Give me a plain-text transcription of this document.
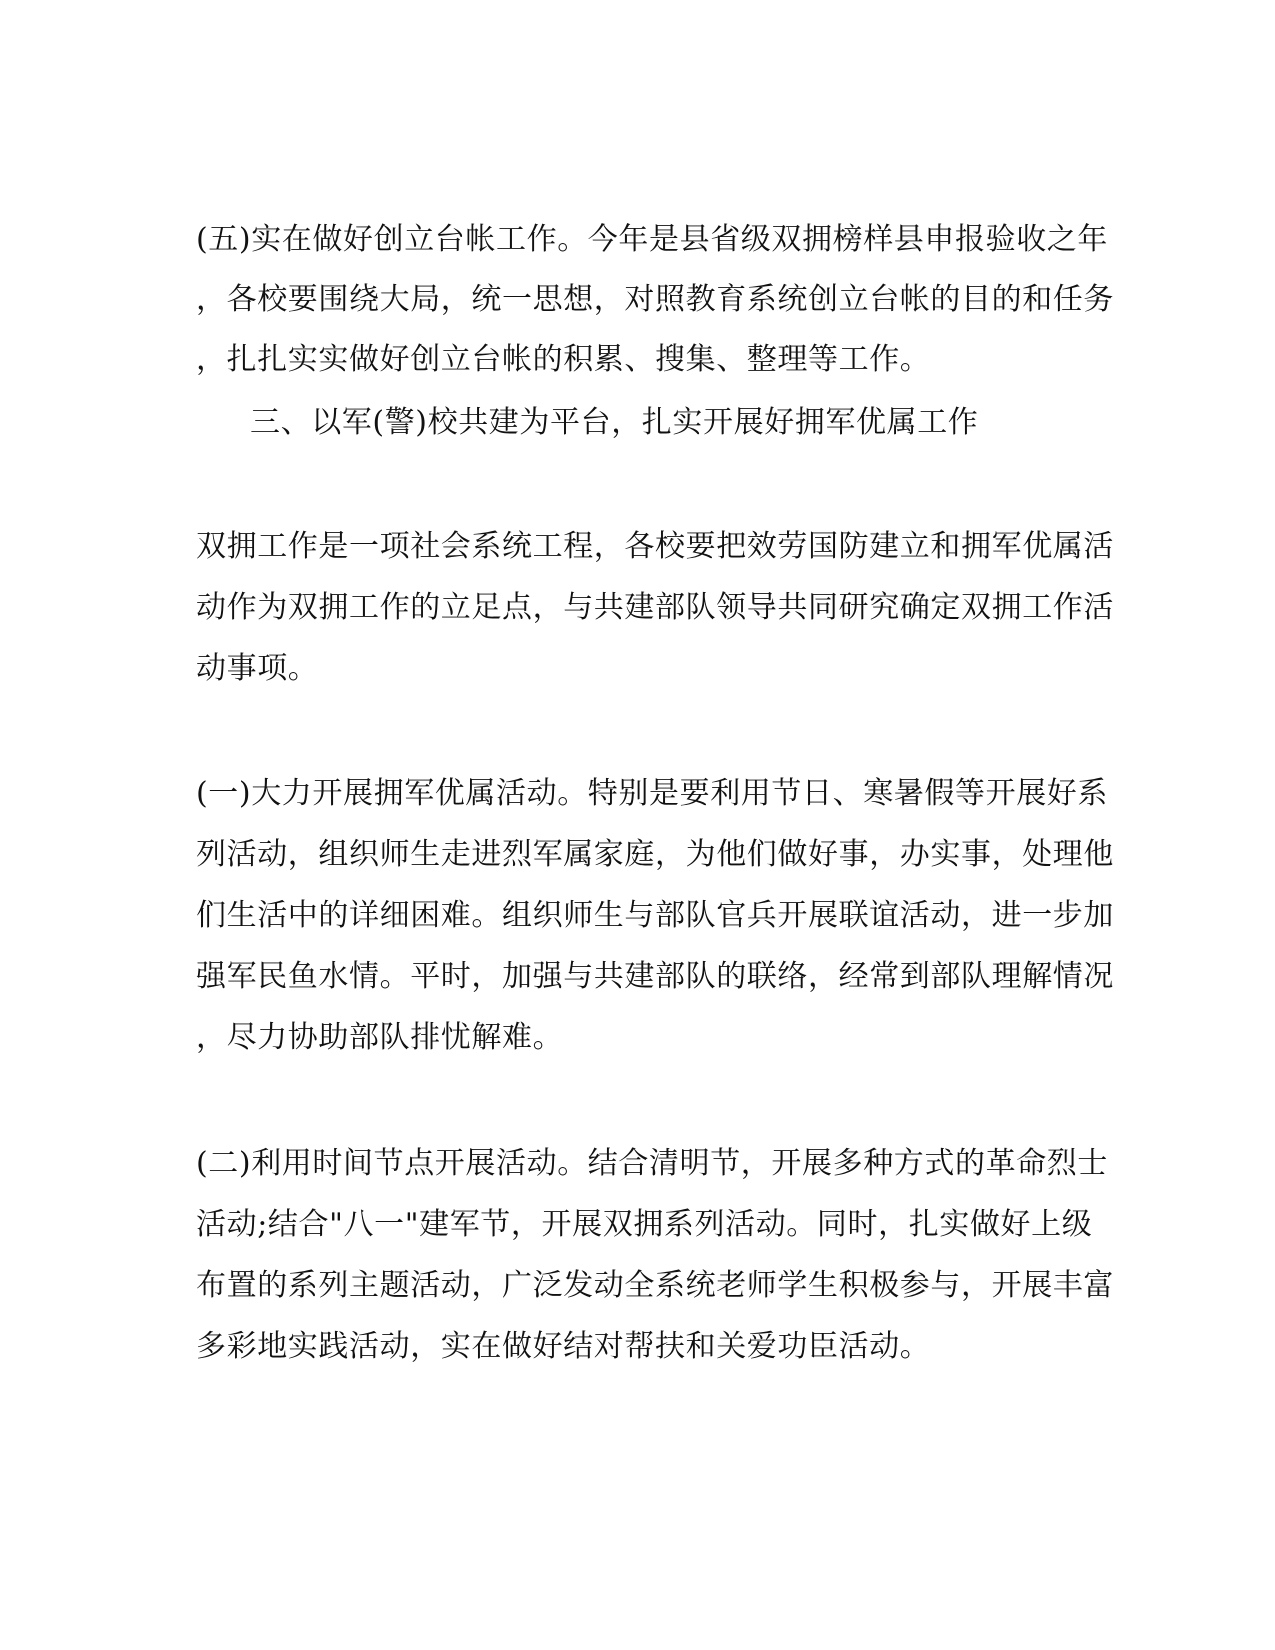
(五)实在做好创立台帐工作。今年是县省级双拥榜样县申报验收之年
，各校要围绕大局，统一思想，对照教育系统创立台帐的目的和任务
，扎扎实实做好创立台帐的积累、搜集、整理等工作。
三、以军(警)校共建为平台，扎实开展好拥军优属工作
双拥工作是一项社会系统工程，各校要把效劳国防建立和拥军优属活
动作为双拥工作的立足点，与共建部队领导共同研究确定双拥工作活
动事项。
(一)大力开展拥军优属活动。特别是要利用节日、寒暑假等开展好系
列活动，组织师生走进烈军属家庭，为他们做好事，办实事，处理他
们生活中的详细困难。组织师生与部队官兵开展联谊活动，进一步加
强军民鱼水情。平时，加强与共建部队的联络，经常到部队理解情况
，尽力协助部队排忧解难。
(二)利用时间节点开展活动。结合清明节，开展多种方式的革命烈士
活动;结合"八一"建军节，开展双拥系列活动。同时，扎实做好上级
布置的系列主题活动，广泛发动全系统老师学生积极参与，开展丰富
多彩地实践活动，实在做好结对帮扶和关爱功臣活动。
